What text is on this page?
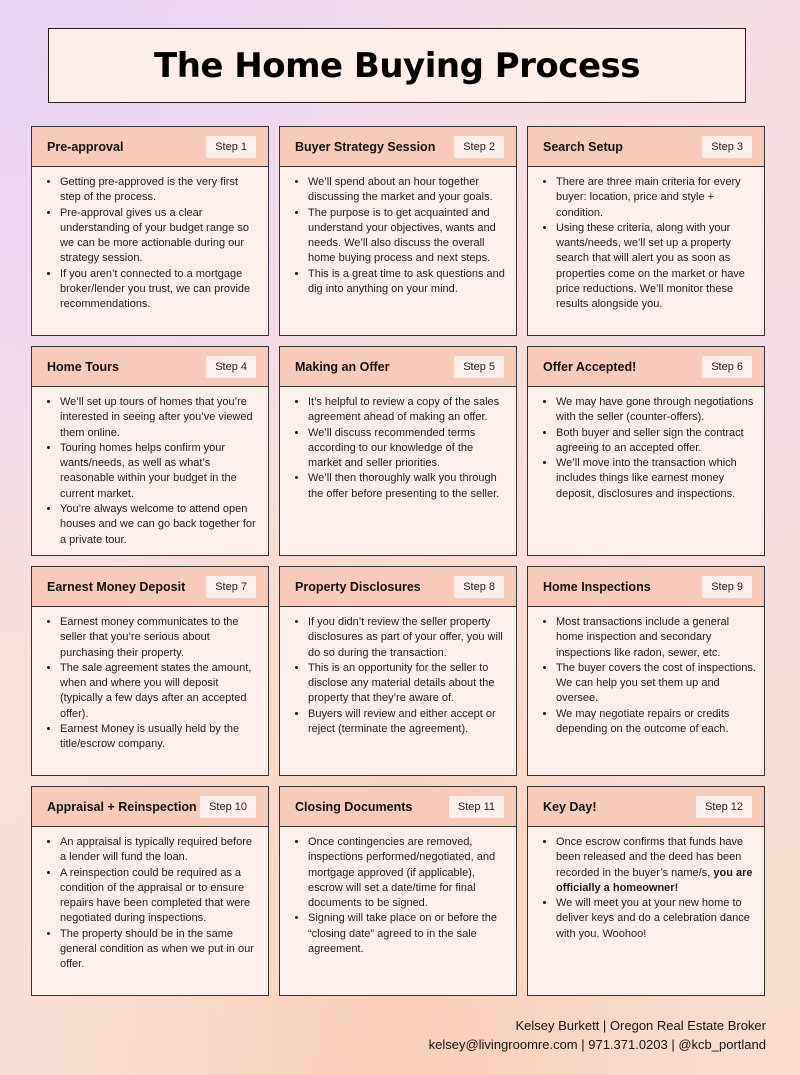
The Home Buying Process
Pre-approval	Step 1
• Getting pre-approved is the very first step of the process.
• Pre-approval gives us a clear understanding of your budget range so we can be more actionable during our strategy session.
• If you aren’t connected to a mortgage broker/lender you trust, we can provide recommendations.
Buyer Strategy Session	Step 2
• We’ll spend about an hour together discussing the market and your goals.
• The purpose is to get acquainted and understand your objectives, wants and needs. We’ll also discuss the overall home buying process and next steps.
• This is a great time to ask questions and dig into anything on your mind.
Search Setup	Step 3
• There are three main criteria for every buyer: location, price and style + condition.
• Using these criteria, along with your wants/needs, we’ll set up a property search that will alert you as soon as properties come on the market or have price reductions. We’ll monitor these results alongside you.
Home Tours	Step 4
• We’ll set up tours of homes that you’re interested in seeing after you’ve viewed them online.
• Touring homes helps confirm your wants/needs, as well as what’s reasonable within your budget in the current market.
• You’re always welcome to attend open houses and we can go back together for a private tour.
Making an Offer	Step 5
• It’s helpful to review a copy of the sales agreement ahead of making an offer.
• We’ll discuss recommended terms according to our knowledge of the market and seller priorities.
• We’ll then thoroughly walk you through the offer before presenting to the seller.
Offer Accepted!	Step 6
• We may have gone through negotiations with the seller (counter-offers).
• Both buyer and seller sign the contract agreeing to an accepted offer.
• We’ll move into the transaction which includes things like earnest money deposit, disclosures and inspections.
Earnest Money Deposit	Step 7
• Earnest money communicates to the seller that you’re serious about purchasing their property.
• The sale agreement states the amount, when and where you will deposit (typically a few days after an accepted offer).
• Earnest Money is usually held by the title/escrow company.
Property Disclosures	Step 8
• If you didn’t review the seller property disclosures as part of your offer, you will do so during the transaction.
• This is an opportunity for the seller to disclose any material details about the property that they’re aware of.
• Buyers will review and either accept or reject (terminate the agreement).
Home Inspections	Step 9
• Most transactions include a general home inspection and secondary inspections like radon, sewer, etc.
• The buyer covers the cost of inspections. We can help you set them up and oversee.
• We may negotiate repairs or credits depending on the outcome of each.
Appraisal + Reinspection	Step 10
• An appraisal is typically required before a lender will fund the loan.
• A reinspection could be required as a condition of the appraisal or to ensure repairs have been completed that were negotiated during inspections.
• The property should be in the same general condition as when we put in our offer.
Closing Documents	Step 11
• Once contingencies are removed, inspections performed/negotiated, and mortgage approved (if applicable), escrow will set a date/time for final documents to be signed.
• Signing will take place on or before the “closing date” agreed to in the sale agreement.
Key Day!	Step 12
• Once escrow confirms that funds have been released and the deed has been recorded in the buyer’s name/s, you are officially a homeowner!
• We will meet you at your new home to deliver keys and do a celebration dance with you. Woohoo!
Kelsey Burkett | Oregon Real Estate Broker
kelsey@livingroomre.com | 971.371.0203 | @kcb_portland
